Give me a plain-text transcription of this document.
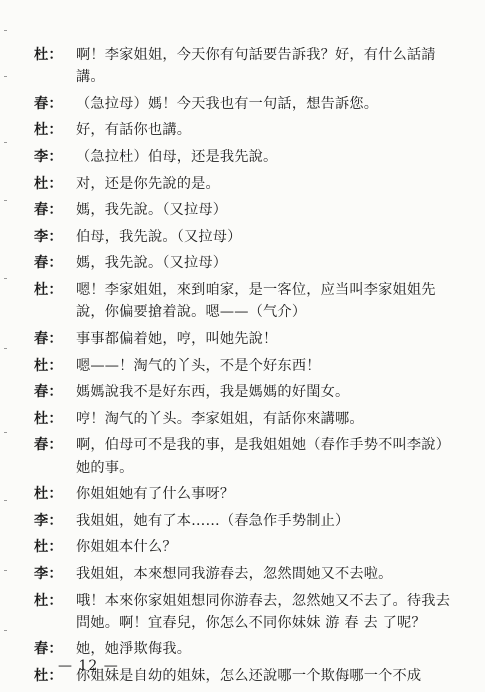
杜： 啊！李家姐姐，今天你有句話要告訴我？好，有什么話請講。
春： （急拉母）媽！今天我也有一句話，想告訴您。
杜： 好，有話你也講。
李： （急拉杜）伯母，还是我先說。
杜： 对，还是你先說的是。
春： 媽，我先說。（又拉母）
李： 伯母，我先說。（又拉母）
春： 媽，我先說。（又拉母）
杜： 嗯！李家姐姐，來到咱家，是一客位，应当叫李家姐姐先說，你偏要搶着說。嗯——（气介）
春： 事事都偏着她，哼，叫她先說！
杜： 嗯——！淘气的丫头，不是个好东西！
春： 媽媽說我不是好东西，我是媽媽的好閨女。
杜： 哼！淘气的丫头。李家姐姐，有話你來講哪。
春： 啊，伯母可不是我的事，是我姐姐她（春作手势不叫李說）她的事。
杜： 你姐姐她有了什么事呀？
李： 我姐姐，她有了本……（春急作手势制止）
杜： 你姐姐本什么？
李： 我姐姐，本來想同我游春去，忽然間她又不去啦。
杜： 哦！本來你家姐姐想同你游春去，忽然她又不去了。待我去問她。啊！宜春兒，你怎么不同你妹妹 游 春 去 了呢？
春： 她，她淨欺侮我。
杜： 你姐妹是自幼的姐妹，怎么还說哪一个欺侮哪一个不成
— 12 —
